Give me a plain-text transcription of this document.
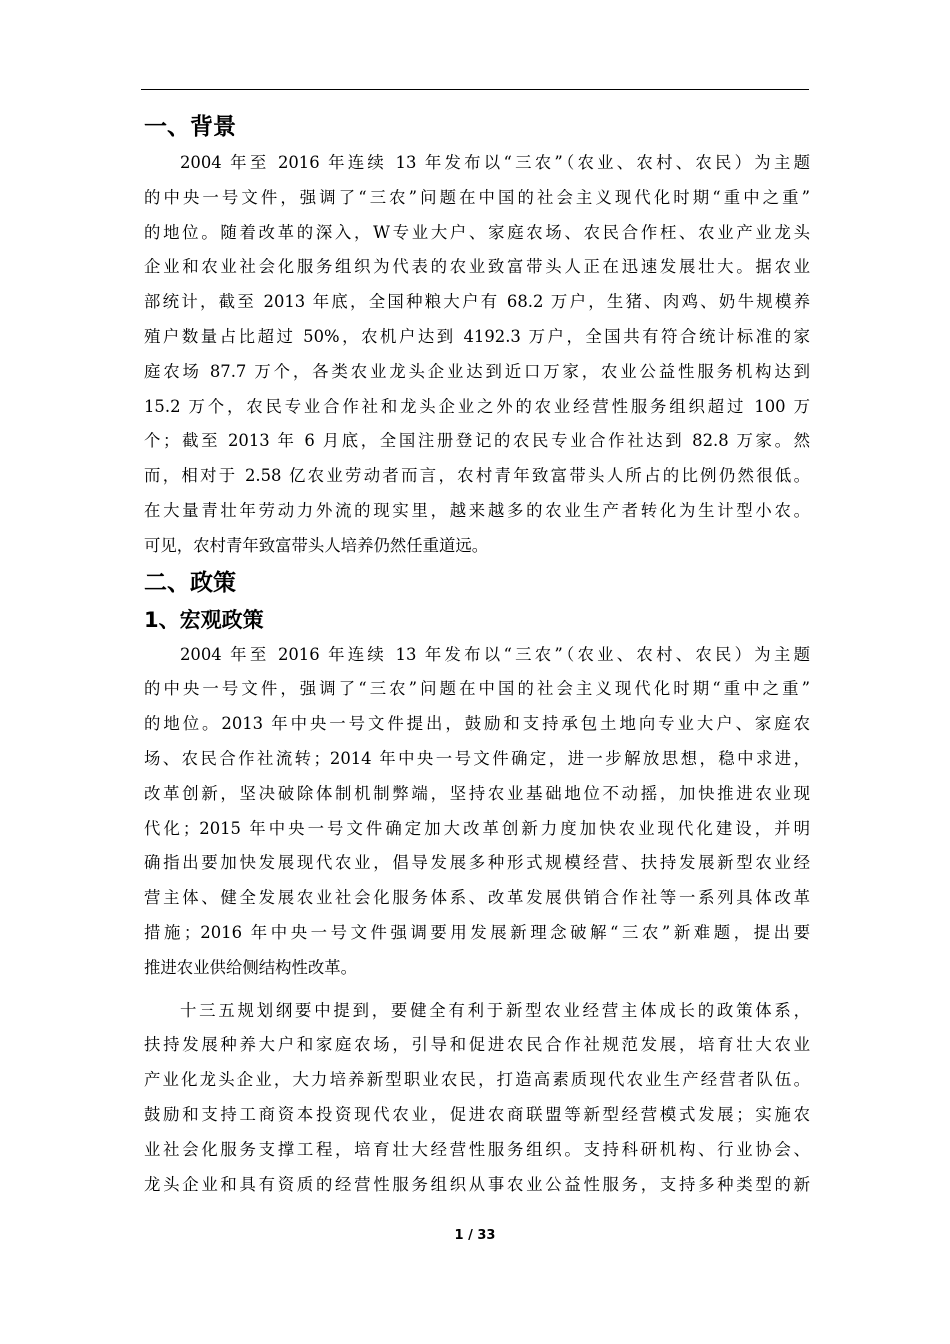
一、背景
2004 年至 2016 年连续 13 年发布以“三农”（农业、农村、农民）为主题
的中央一号文件，强调了“三农”问题在中国的社会主义现代化时期“重中之重”
的地位。随着改革的深入，W专业大户、家庭农场、农民合作枉、农业产业龙头
企业和农业社会化服务组织为代表的农业致富带头人正在迅速发展壮大。据农业
部统计，截至 2013 年底，全国种粮大户有 68.2 万户，生猪、肉鸡、奶牛规模养
殖户数量占比超过 50%，农机户达到 4192.3 万户，全国共有符合统计标准的家
庭农场 87.7 万个，各类农业龙头企业达到近口万家，农业公益性服务机构达到
15.2 万个，农民专业合作社和龙头企业之外的农业经营性服务组织超过 100 万
个；截至 2013 年 6 月底，全国注册登记的农民专业合作社达到 82.8 万家。然
而，相对于 2.58 亿农业劳动者而言，农村青年致富带头人所占的比例仍然很低。
在大量青壮年劳动力外流的现实里，越来越多的农业生产者转化为生计型小农。
可见，农村青年致富带头人培养仍然任重道远。
二、政策
1、宏观政策
2004 年至 2016 年连续 13 年发布以“三农”（农业、农村、农民）为主题
的中央一号文件，强调了“三农”问题在中国的社会主义现代化时期“重中之重”
的地位。2013 年中央一号文件提出，鼓励和支持承包土地向专业大户、家庭农
场、农民合作社流转；2014 年中央一号文件确定，进一步解放思想，稳中求进，
改革创新，坚决破除体制机制弊端，坚持农业基础地位不动摇，加快推进农业现
代化；2015 年中央一号文件确定加大改革创新力度加快农业现代化建设，并明
确指出要加快发展现代农业，倡导发展多种形式规模经营、扶持发展新型农业经
营主体、健全发展农业社会化服务体系、改革发展供销合作社等一系列具体改革
措施；2016 年中央一号文件强调要用发展新理念破解“三农”新难题，提出要
推进农业供给侧结构性改革。
十三五规划纲要中提到，要健全有利于新型农业经营主体成长的政策体系，
扶持发展种养大户和家庭农场，引导和促进农民合作社规范发展，培育壮大农业
产业化龙头企业，大力培养新型职业农民，打造高素质现代农业生产经营者队伍。
鼓励和支持工商资本投资现代农业，促进农商联盟等新型经营模式发展；实施农
业社会化服务支撑工程，培育壮大经营性服务组织。支持科研机构、行业协会、
龙头企业和具有资质的经营性服务组织从事农业公益性服务，支持多种类型的新
1 / 33
